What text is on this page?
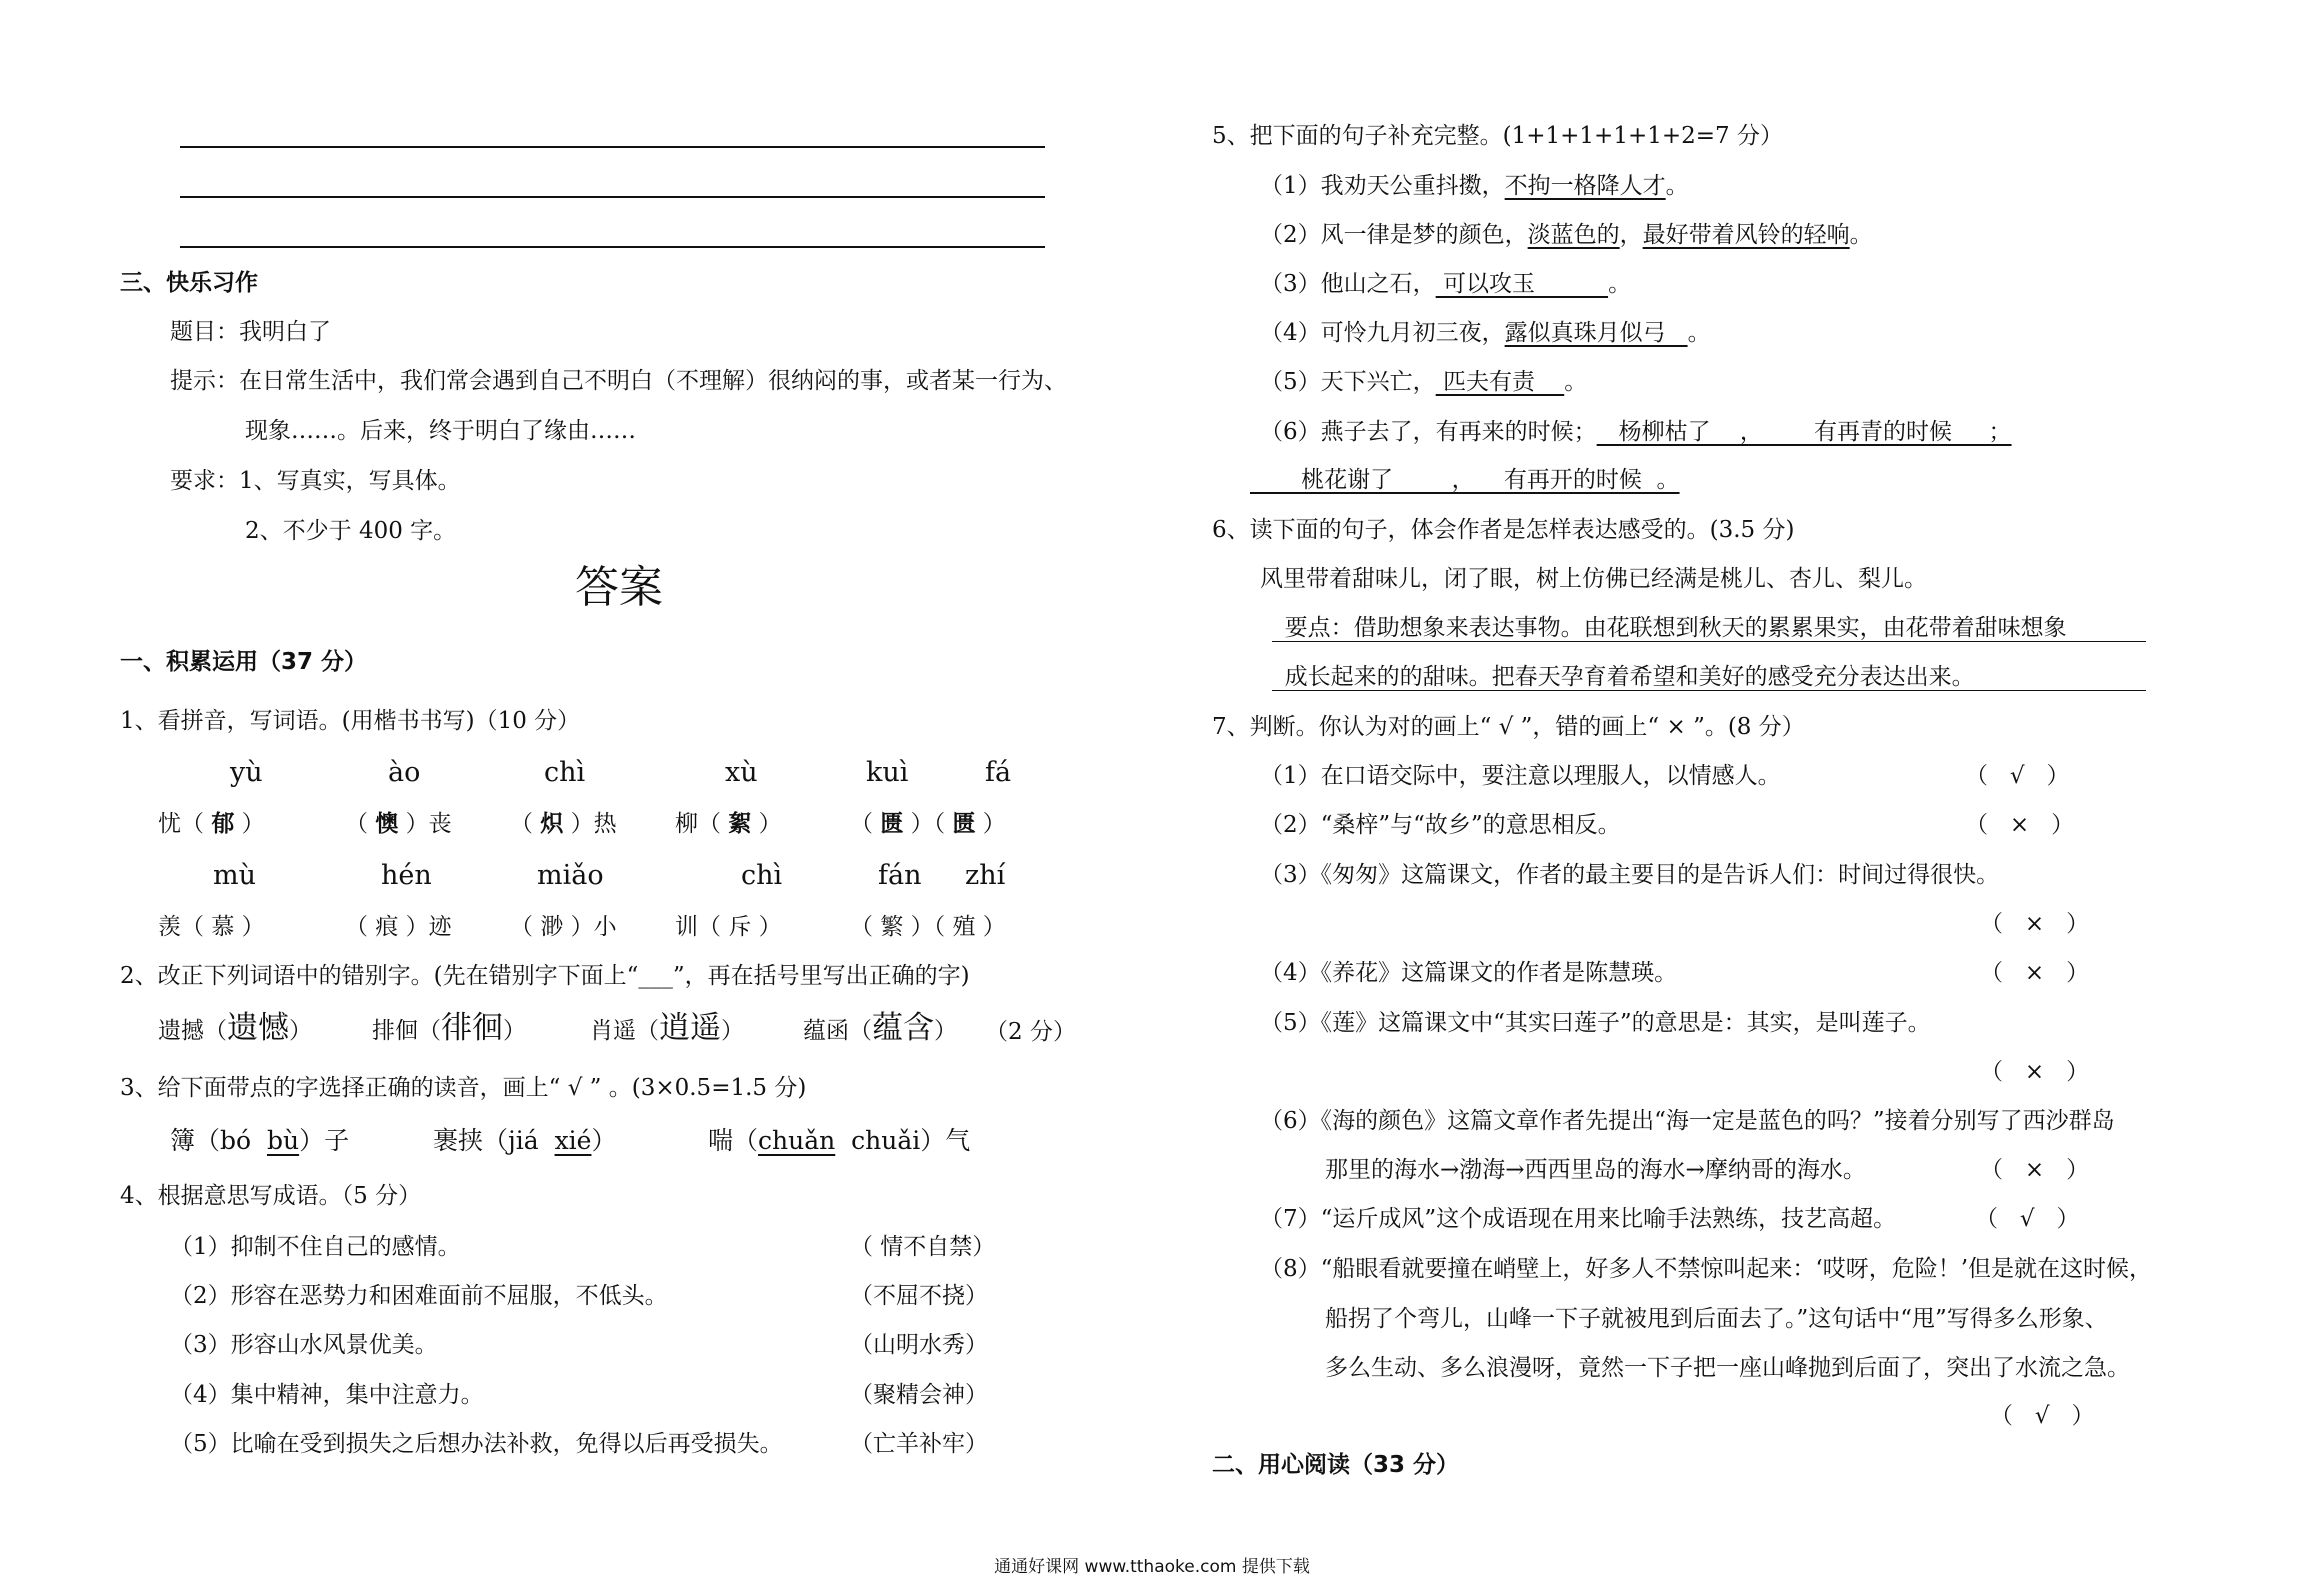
三、快乐习作
题目：我明白了
提示：在日常生活中，我们常会遇到自己不明白（不理解）很纳闷的事，或者某一行为、
现象……。后来，终于明白了缘由……
要求：1、写真实，写具体。
2、不少于 400 字。
答案
一、积累运用（37 分）
1、看拼音，写词语。(用楷书书写)（10 分）
yù	ào	chì	xù	kuì	fá
忧（ 郁 ）	（ 懊 ）丧	（ 炽 ）热	柳（ 絮 ）	（ 匮 ）（ 匮 ）
mù	hén	miǎo	chì	fán zhí
羡（ 慕 ）	（ 痕 ）迹	（ 渺 ）小	训（ 斥 ）	（ 繁 ）（ 殖 ）
2、改正下列词语中的错别字。(先在错别字下面上“___”，再在括号里写出正确的字)
遗撼（遗憾）	排佪（徘徊）	肖遥（逍遥）	蕴函（蕴含） （2 分）
3、给下面带点的字选择正确的读音，画上“ √ ” 。(3×0.5=1.5 分)
簿（bó bù）子	裹挟（jiá xié）	喘（chuǎn chuǎi）气
4、根据意思写成语。（5 分）
（1）抑制不住自己的感情。	（ 情不自禁）
（2）形容在恶势力和困难面前不屈服，不低头。	（不屈不挠）
（3）形容山水风景优美。	（山明水秀）
（4）集中精神，集中注意力。	（聚精会神）
（5）比喻在受到损失之后想办法补救，免得以后再受损失。	（亡羊补牢）
5、把下面的句子补充完整。(1+1+1+1+1+2=7 分）
（1）我劝天公重抖擞，不拘一格降人才。
（2）风一律是梦的颜色，淡蓝色的，最好带着风铃的轻响。
（3）他山之石， 可以攻玉          。
（4）可怜九月初三夜，露似真珠月似弓   。
（5）天下兴亡， 匹夫有责    。
（6）燕子去了，有再来的时候；   杨柳枯了    ，       有再青的时候     ；
桃花谢了        ，    有再开的时候  。
6、读下面的句子，体会作者是怎样表达感受的。(3.5 分)
风里带着甜味儿，闭了眼，树上仿佛已经满是桃儿、杏儿、梨儿。
要点：借助想象来表达事物。由花联想到秋天的累累果实，由花带着甜味想象
成长起来的的甜味。把春天孕育着希望和美好的感受充分表达出来。
7、判断。你认为对的画上“ √ ”，错的画上“ × ”。(8 分）
（1）在口语交际中，要注意以理服人，以情感人。	（   √   ）
（2）“桑梓”与“故乡”的意思相反。	（   ×   ）
（3）《匆匆》这篇课文，作者的最主要目的是告诉人们：时间过得很快。
（   ×   ）
（4）《养花》这篇课文的作者是陈慧瑛。	（   ×   ）
（5）《莲》这篇课文中“其实曰莲子”的意思是：其实，是叫莲子。
（   ×   ）
（6）《海的颜色》这篇文章作者先提出“海一定是蓝色的吗？”接着分别写了西沙群岛
那里的海水→渤海→西西里岛的海水→摩纳哥的海水。	（   ×   ）
（7）“运斤成风”这个成语现在用来比喻手法熟练，技艺高超。	（   √   ）
（8）“船眼看就要撞在峭壁上，好多人不禁惊叫起来：‘哎呀，危险！’但是就在这时候，
船拐了个弯儿，山峰一下子就被甩到后面去了。”这句话中“甩”写得多么形象、
多么生动、多么浪漫呀，竟然一下子把一座山峰抛到后面了，突出了水流之急。
（   √   ）
二、用心阅读（33 分）
通通好课网 www.tthaoke.com 提供下载
